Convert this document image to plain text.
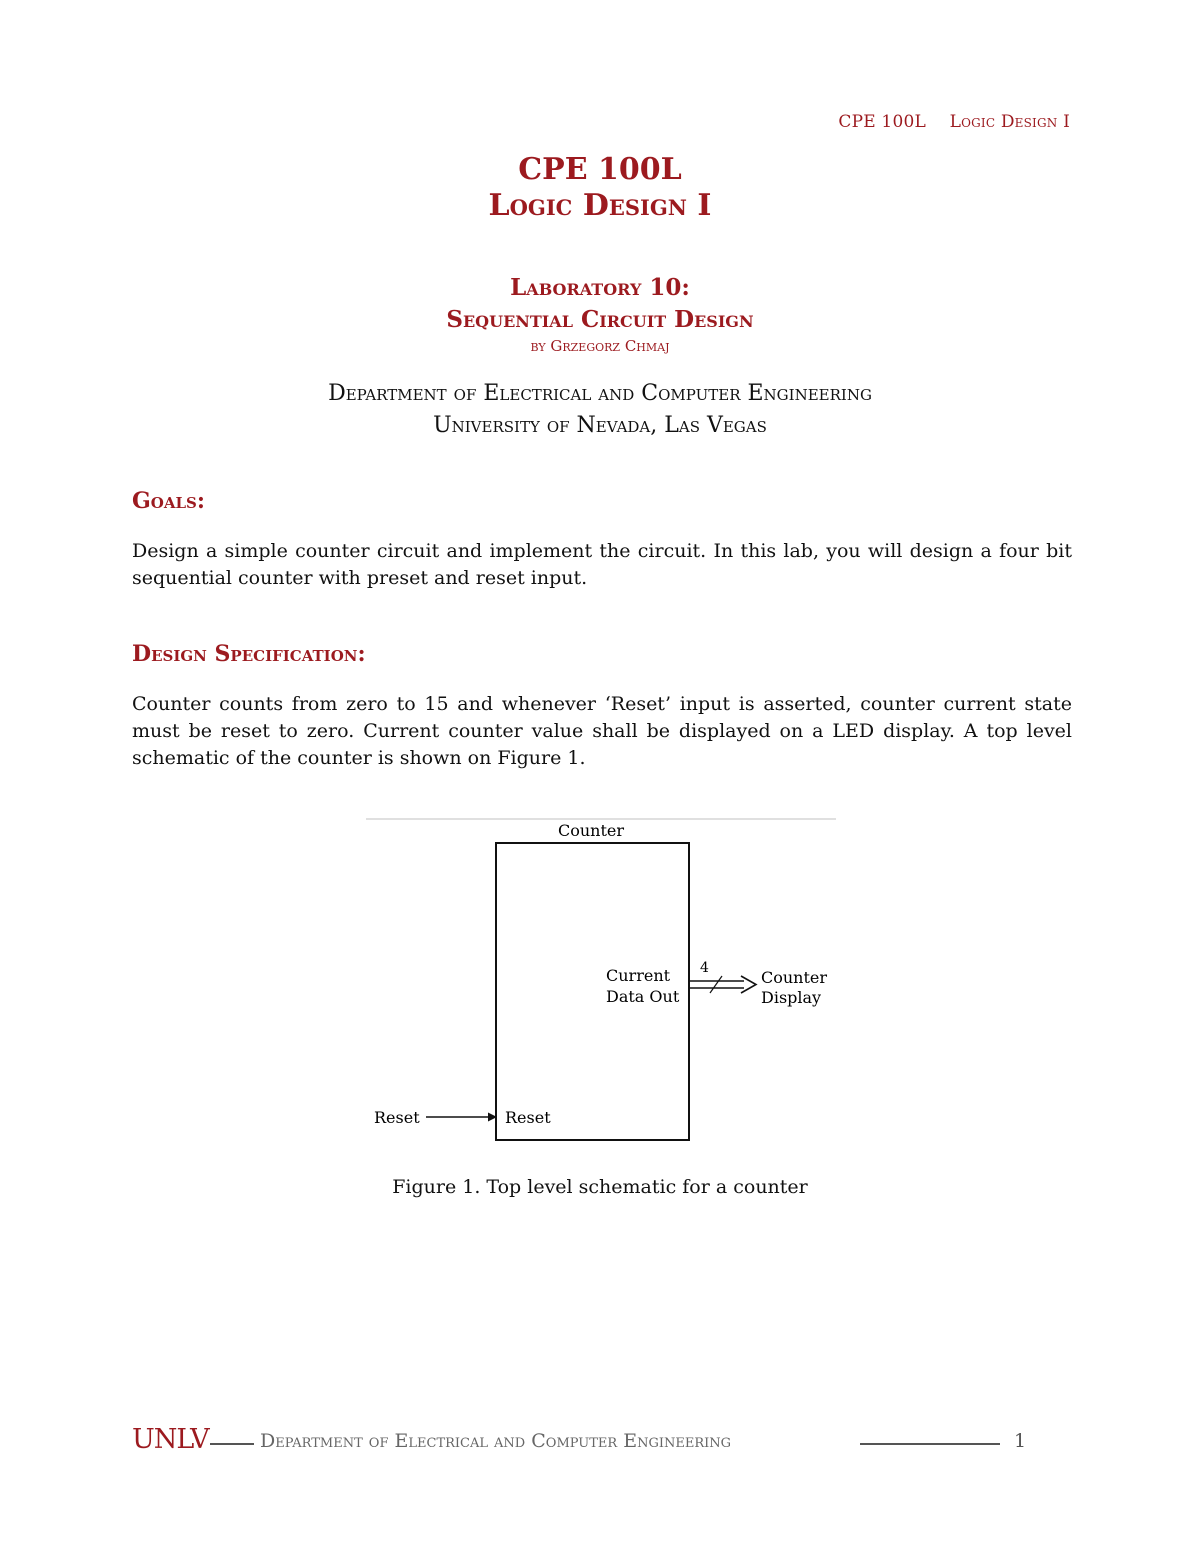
CPE 100L Logic Design I
CPE 100L
Logic Design I
Laboratory 10:
Sequential Circuit Design
by Grzegorz Chmaj
Department of Electrical and Computer Engineering
University of Nevada, Las Vegas
Goals:
Design a simple counter circuit and implement the circuit. In this lab, you will design a four bit sequential counter with preset and reset input.
Design Specification:
Counter counts from zero to 15 and whenever ‘Reset’ input is asserted, counter current state must be reset to zero. Current counter value shall be displayed on a LED display. A top level schematic of the counter is shown on Figure 1.
Counter
Current
Data Out
4	Counter
Display
Reset	Reset
Figure 1. Top level schematic for a counter
UNLV	Department of Electrical and Computer Engineering	1
